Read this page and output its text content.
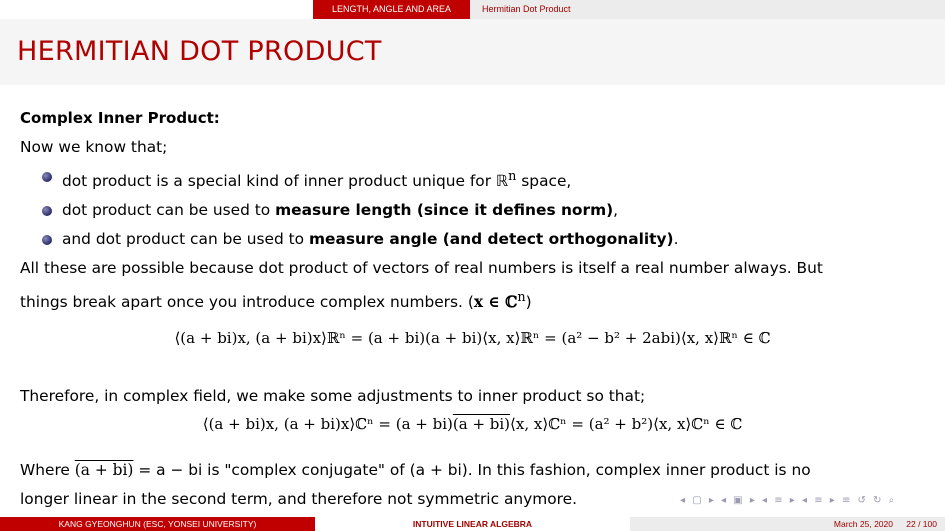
LENGTH, ANGLE AND AREA	Hermitian Dot Product
HERMITIAN DOT PRODUCT

Complex Inner Product:

Now we know that;

dot product is a special kind of inner product unique for ℝ$^n$ space,
dot product can be used to measure length (since it defines norm),
and dot product can be used to measure angle (and detect orthogonality).

All these are possible because dot product of vectors of real numbers is itself a real number always. But

things break apart once you introduce complex numbers. (x ∈ ℂ$^n$)

⟨(a + bi)x, (a + bi)x⟩ℝⁿ = (a + bi)(a + bi)⟨x, x⟩ℝⁿ = (a² − b² + 2abi)⟨x, x⟩ℝⁿ ∈ ℂ

Therefore, in complex field, we make some adjustments to inner product so that;

⟨(a + bi)x, (a + bi)x⟩ℂⁿ = (a + bi)(a + bi)⟨x, x⟩ℂⁿ = (a² + b²)⟨x, x⟩ℂⁿ ∈ ℂ

Where (a + bi) = a − bi is "complex conjugate" of (a + bi). In this fashion, complex inner product is no
longer linear in the second term, and therefore not symmetric anymore.	◂ ▢ ▸ ◂ ▣ ▸ ◂ ≡ ▸ ◂ ≡ ▸ ≡ ↺ ↻ ⌕
KANG GYEONGHUN (ESC, YONSEI UNIVERSITY)	INTUITIVE LINEAR ALGEBRA	March 25, 2020 22 / 100
